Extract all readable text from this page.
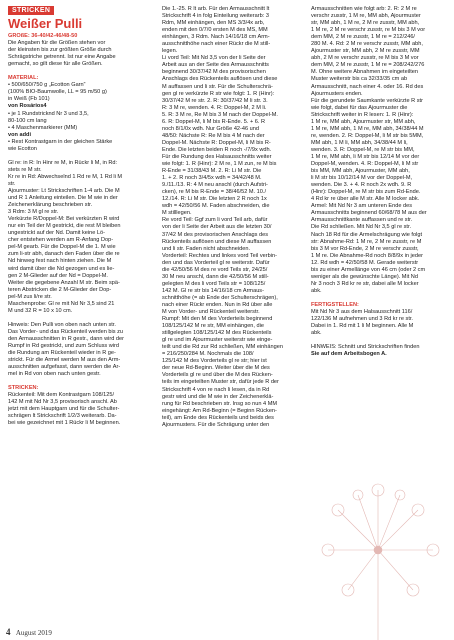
STRICKEN
Weißer Pulli
GRÖßE: 36-40/42-46/48-50
Die Angaben für die Größen stehen vor
der kleinsten bis zur größten Größe durch
Schrägstriche getrennt. Ist nur eine Angabe
gemacht, so gilt diese für alle Größen.
MATERIAL:
• 500/650/750 g „Ecotton Garn“
(100% BIO-Baumwolle, LL = 95 m/50 g)
in Weiß (Fb 101)
von Rosários4
• je 1 Rundstricknd Nr 3 und 3,5,
80-100 cm lang
• 4 Maschenmarkierer (MM)
von addi
• Rest Kontrastgarn in der gleichen Stärke
wie Ecotton
Gl re: in R: In Hinr re M, in Rückr li M, in Rd:
stets re M str.
Kr re in Rd: Abwechselnd 1 Rd re M, 1 Rd li M
str.
Ajourmuster: Lt Strickschriften 1-4 arb. Die M
und R 1 Anleitung einteilen. Die M wie in der
Zeichenerklärung beschrieben str.
3 Rdm: 3 M gl re str.
Verkürzte R/Doppel-M: Bei verkürzten R wird
nur ein Teil der M gestrickt, die rest M bleiben
ungestrickt auf der Nd. Damit keine Lö-
cher entstehen werden am R-Anfang Dop-
pel-M gearb. Für die Doppel-M die 1. M wie
zum li-str abh, danach den Faden über die re
Nd hinweg fest nach hinten ziehen. Die M
wird damit über die Nd gezogen und es lie-
gen 2 M-Glieder auf der Nd = Doppel-M.
Weiter die gegebene Anzahl M str. Beim spä-
teren Abstricken die 2 M-Glieder der Dop-
pel-M zus li/re str.
Maschenprobe: Gl re mit Nd Nr 3,5 sind 21
M und 32 R = 10 x 10 cm.
Hinweis: Den Pulli von oben nach unten str.
Das Vorder- und das Rückenteil werden bis zu
den Armausschnitten in R gestr., dann wird der
Rumpf in Rd gestrickt, und zum Schluss wird
die Rundung am Rückenteil wieder in R ge-
strickt. Für die Ärmel werden M aus den Arm-
ausschnitten aufgefasst, dann werden die Är-
mel in Rd von oben nach unten gestr.
STRICKEN:
Rückenteil: Mit dem Kontrastgarn 108/125/
142 M mit Nd Nr 3,5 provisorisch anschl. Ab
jetzt mit dem Hauptgarn und für die Schulter-
schrägen lt Strickschrift 1/2/3 weiterarb. Da-
bei wie gezeichnet mit 1 Rückr li M beginnen.
Die 1.-25. R lt arb. Für den Armausschnitt lt
Strickschrift 4 in folg Einteilung weiterarb: 3
Rdm, MM einhängen, den MS 3/3/4x arb,
enden mit den 0/7/0 ersten M des MS, MM
einhängen, 3 Rdm. Nach 14/16/18 cm Arm-
ausschnitthöhe nach einer Rückr die M still-
legen.
Li vord Teil: Mit Nd 3,5 von der li Seite der
Arbeit aus an der Seite des Armausschnitts
beginnend 30/37/42 M des provisorischen
Anschlags des Rückenteils auflösen und diese
M auffassen und li str. Für die Schulterschrä-
gen gl re verkürzte R str wie folgt: 1. R (Hinr):
30/37/42 M re str. 2. R: 30/37/42 M li str. 3.
R: 3 M re, wenden. 4. R: Doppel-M, 2 M li.
5. R: 3 M re, Re M bis 3 M nach der Doppel-M.
6. R: Doppel-M, li M bis R-Ende. 5. + 6. R
noch 8/1/0x wdh. Nur Größe 42-46 und
48/50: Nächste R: Re M bis 4 M nach der
Doppel-M. Nächste R: Doppel-M, li M bis R-
Ende. Die letzten beiden R noch -/7/9x wdh.
Für die Rundung des Halsausschnitts weiter
wie folgt: 1. R (Hinr): 2 M re, 1 M zun, re M bis
R-Ende = 31/38/43 M. 2. R: Li M str. Die
1. + 2. R noch 3/4/5x wdh = 34/42/48 M.
9./11./13. R: 4 M neu anschl (durch Aufstri-
cken), re M bis R-Ende = 38/46/52 M. 10./
12./14. R: Li M str. Die letzten 2 R noch 1x
wdh = 42/50/56 M. Faden abschneiden, die
M stilllegen.
Re vord Teil: Ggf zum li vord Teil arb, dafür
von der li Seite der Arbeit aus die letzten 30/
37/42 M des provisorischen Anschlags des
Rückenteils auflösen und diese M auffassen
und li str. Faden nicht abschneiden.
Vorderteil: Rechtes und linkes vord Teil verbin-
den und das Vorderteil gl re weiterstr. Dafür
die 42/50/56 M des re vord Teils str, 24/25/
30 M neu anschl, dann die 42/50/56 M still-
gelegten M des li vord Teils str = 108/125/
142 M. Gl re str bis 14/16/18 cm Armaus-
schnitthöhe (= ab Ende der Schulterschrägen),
nach einer Rückr enden. Nun in Rd über alle
M von Vorder- und Rückenteil weiterstr.
Rumpf: Mit den M des Vorderteils beginnend
108/125/142 M re str, MM einhängen, die
stillgelegten 108/125/142 M des Rückenteils
gl re und im Ajourmuster weiterstr wie einge-
teilt und die Rd zur Rd schließen, MM einhängen
= 216/250/284 M. Nochmals die 108/
125/142 M des Vorderteils gl re str; hier ist
der neue Rd-Beginn. Weiter über die M des
Vorderteils gl re und über die M des Rücken-
teils im eingeteilten Muster str, dafür jede R der
Strickschrift 4 von re nach li lesen, da in Rd
gestr wird und die M wie in der Zeichenerklä-
rung für Rd beschrieben str. Insg so nun 4 MM
eingehängt: Am Rd-Beginn (= Beginn Rücken-
teil), am Ende des Rückenteils und beids des
Ajourmusters. Für die Schrägung unter den
Armausschnitten wie folgt arb: 2. R: 2 M re
verschr zusstr, 1 M re, MM abh, Ajourmuster
str, MM abh, 1 M re, 2 M re zusstr, MM abh,
1 M re, 2 M re verschr zusstr, re M bis 3 M vor
dem MM, 2 M re zusstr, 1 M re = 212/246/
280 M. 4. Rd: 2 M re verschr zusstr, MM abh,
Ajourmuster str, MM abh, 2 M re zusstr, MM
abh, 2 M re verschr zusstr, re M bis 3 M vor
dem MM, 2 M re zusstr, 1 M re = 208/242/276
M. Ohne weitere Abnahmen im eingeteilten
Muster weiterstr bis ca 32/33/35 cm ab
Armausschnitt, nach einer 4. oder 16. Rd des
Ajourmusters enden.
Für die gerundete Saumkante verkürzte R str
wie folgt, dabei für das Ajourmuster die
Strickschrift weiter in R lesen: 1. R (Hinr):
1 M re, MM abh, Ajourmuster str, MM abh,
1 M re, MM abh, 1 M re, MM abh, 34/38/44 M
re, wenden. 2. R: Doppel-M, li M str bis 5MM,
MM abh, 1 M li, MM abh, 34/38/44 M li,
wenden. 3. R: Doppel-M, re M str bis MM,
1 M re, MM abh, li M str bis 12/14 M vor der
Doppel-M, wenden. 4. R: Doppel-M, li M str
bis MM, MM abh, Ajourmuster, MM abh,
li M str bis 10/12/14 M vor der Doppel-M,
wenden. Die 3. + 4. R noch 2x wdh. 9. R
(Hinr): Doppel-M, re M str bis zum Rd-Ende.
4 Rd kr re über alle M str. Alle M locker abk.
Ärmel: Mit Nd Nr 3 am unteren Ende des
Armausschnitts beginnend 60/68/78 M aus der
Armausschnittkante auffassen und re str.
Die Rd schließen. Mit Nd Nr 3,5 gl re str.
Nach 18 Rd für die Ärmelschrägung wie folgt
str: Abnahme-Rd: 1 M re, 2 M re zusstr, re M
bis 3 M vor Rd-Ende, 2 M re verschr zusstr,
1 M re. Die Abnahme-Rd noch 8/8/9x in jeder
12. Rd wdh = 42/50/58 M. Gerade weiterstr
bis zu einer Ärmellänge von 46 cm (oder 2 cm
weniger als die gewünschte Länge). Mit Nd
Nr 3 noch 3 Rd kr re str, dabei alle M locker
abk.
FERTIGSTELLEN:
Mit Nd Nr 3 aus dem Halsausschnitt 116/
122/136 M aufnehmen und 3 Rd kr re str.
Dabei in 1. Rd mit 1 li M beginnen. Alle M
abk.
HINWEIS: Schnitt und Strickschriften finden
Sie auf dem Arbeitsbogen A.
4 August 2019
